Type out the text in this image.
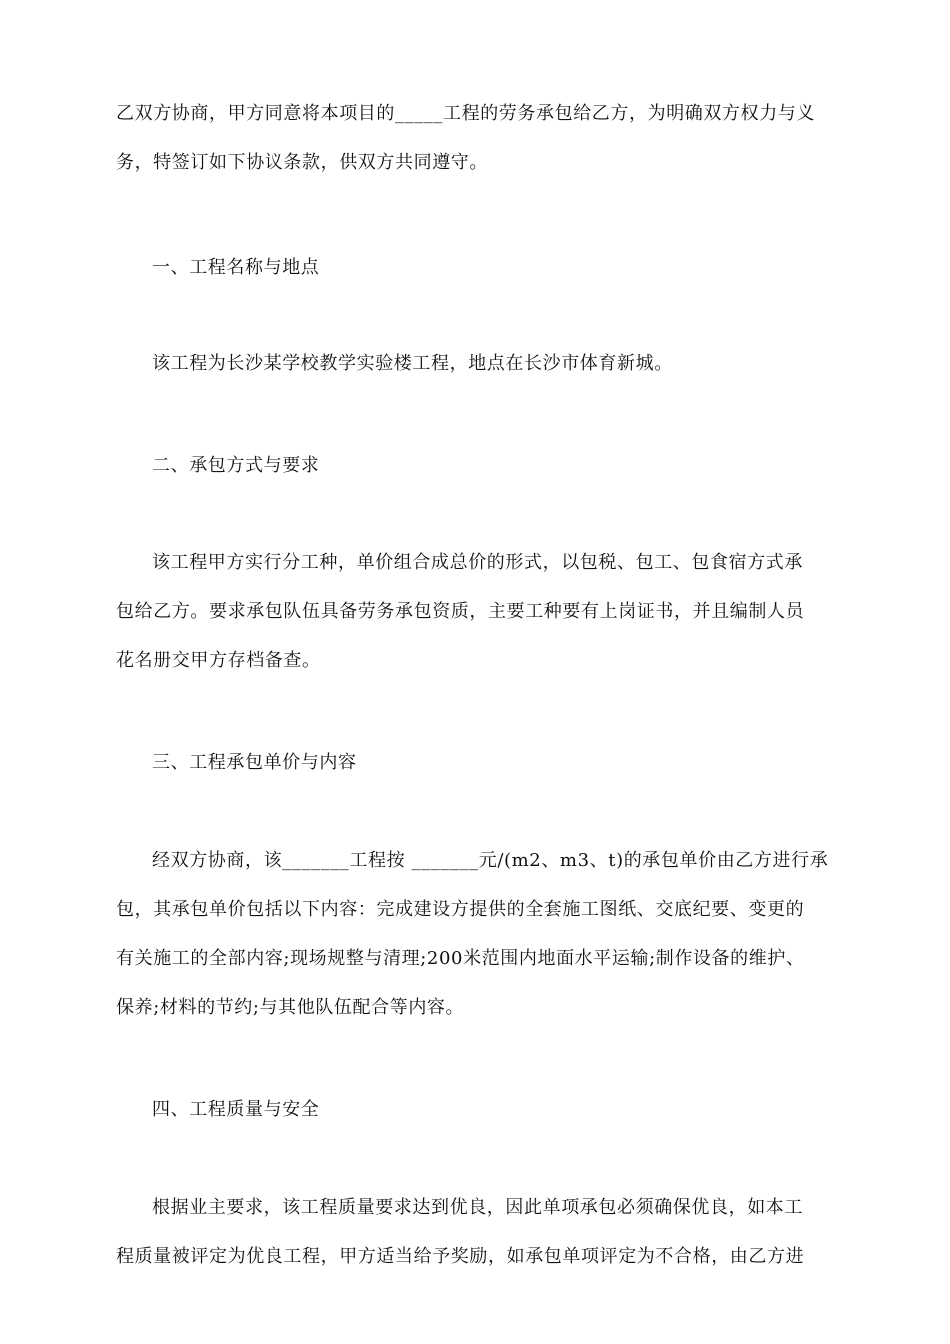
乙双方协商，甲方同意将本项目的_____工程的劳务承包给乙方，为明确双方权力与义
务，特签订如下协议条款，供双方共同遵守。
一、工程名称与地点
该工程为长沙某学校教学实验楼工程，地点在长沙市体育新城。
二、承包方式与要求
该工程甲方实行分工种，单价组合成总价的形式，以包税、包工、包食宿方式承
包给乙方。要求承包队伍具备劳务承包资质，主要工种要有上岗证书，并且编制人员
花名册交甲方存档备查。
三、工程承包单价与内容
经双方协商，该_______工程按 _______元/(m2、m3、t)的承包单价由乙方进行承
包，其承包单价包括以下内容：完成建设方提供的全套施工图纸、交底纪要、变更的
有关施工的全部内容;现场规整与清理;200米范围内地面水平运输;制作设备的维护、
保养;材料的节约;与其他队伍配合等内容。
四、工程质量与安全
根据业主要求，该工程质量要求达到优良，因此单项承包必须确保优良，如本工
程质量被评定为优良工程，甲方适当给予奖励，如承包单项评定为不合格，由乙方进
